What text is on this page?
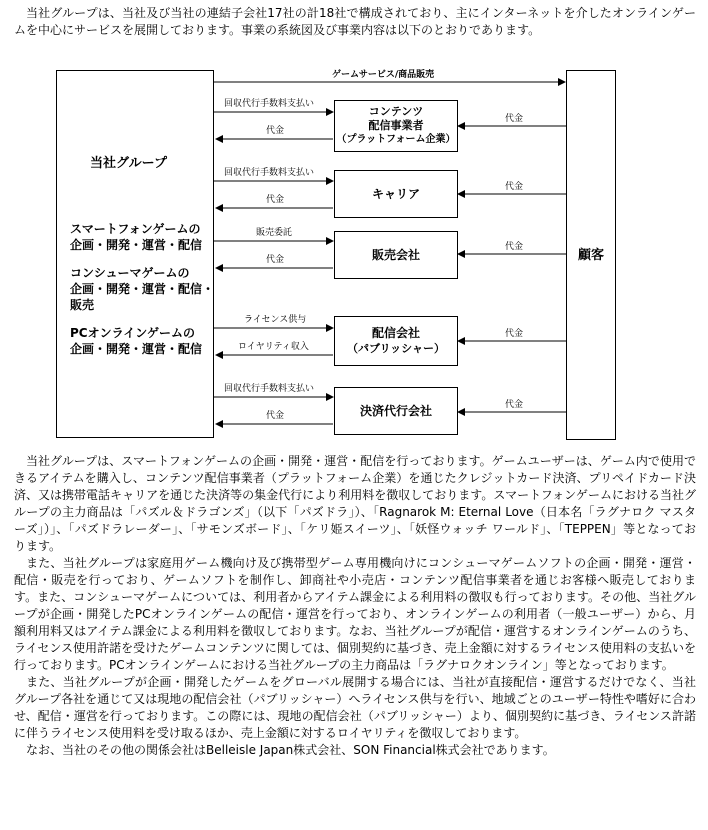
当社グループは、当社及び当社の連結子会社17社の計18社で構成されており、主にインターネットを介したオンラインゲームを中心にサービスを展開しております。事業の系統図及び事業内容は以下のとおりであります。

当社グループ
スマートフォンゲームの
企画・開発・運営・配信
コンシューマゲームの
企画・開発・運営・配信・
販売
PCオンラインゲームの
企画・開発・運営・配信
顧客
ゲームサービス/商品販売
コンテンツ
配信事業者
（プラットフォーム企業）
キャリア
販売会社
配信会社
（パブリッシャー）
決済代行会社
回収代行手数料支払い
代金
代金
回収代行手数料支払い
代金
代金
販売委託
代金
代金
ライセンス供与
ロイヤリティ収入
代金
回収代行手数料支払い
代金
代金

当社グループは、スマートフォンゲームの企画・開発・運営・配信を行っております。ゲームユーザーは、ゲーム内で使用できるアイテムを購入し、コンテンツ配信事業者（プラットフォーム企業）を通じたクレジットカード決済、プリペイドカード決済、又は携帯電話キャリアを通じた決済等の集金代行により利用料を徴収しております。スマートフォンゲームにおける当社グループの主力商品は「パズル＆ドラゴンズ」（以下「パズドラ」）、「Ragnarok M: Eternal Love（日本名「ラグナロク マスターズ」）」、「パズドラレーダー」、「サモンズボード」、「ケリ姫スイーツ」、「妖怪ウォッチ ワールド」、「TEPPEN」等となっております。

また、当社グループは家庭用ゲーム機向け及び携帯型ゲーム専用機向けにコンシューマゲームソフトの企画・開発・運営・配信・販売を行っており、ゲームソフトを制作し、卸商社や小売店・コンテンツ配信事業者を通じお客様へ販売しております。また、コンシューマゲームについては、利用者からアイテム課金による利用料の徴収も行っております。その他、当社グループが企画・開発したPCオンラインゲームの配信・運営を行っており、オンラインゲームの利用者（一般ユーザー）から、月額利用料又はアイテム課金による利用料を徴収しております。なお、当社グループが配信・運営するオンラインゲームのうち、ライセンス使用許諾を受けたゲームコンテンツに関しては、個別契約に基づき、売上金額に対するライセンス使用料の支払いを行っております。PCオンラインゲームにおける当社グループの主力商品は「ラグナロクオンライン」等となっております。

また、当社グループが企画・開発したゲームをグローバル展開する場合には、当社が直接配信・運営するだけでなく、当社グループ各社を通じて又は現地の配信会社（パブリッシャー）へライセンス供与を行い、地域ごとのユーザー特性や嗜好に合わせ、配信・運営を行っております。この際には、現地の配信会社（パブリッシャー）より、個別契約に基づき、ライセンス許諾に伴うライセンス使用料を受け取るほか、売上金額に対するロイヤリティを徴収しております。

なお、当社のその他の関係会社はBelleisle Japan株式会社、SON Financial株式会社であります。
